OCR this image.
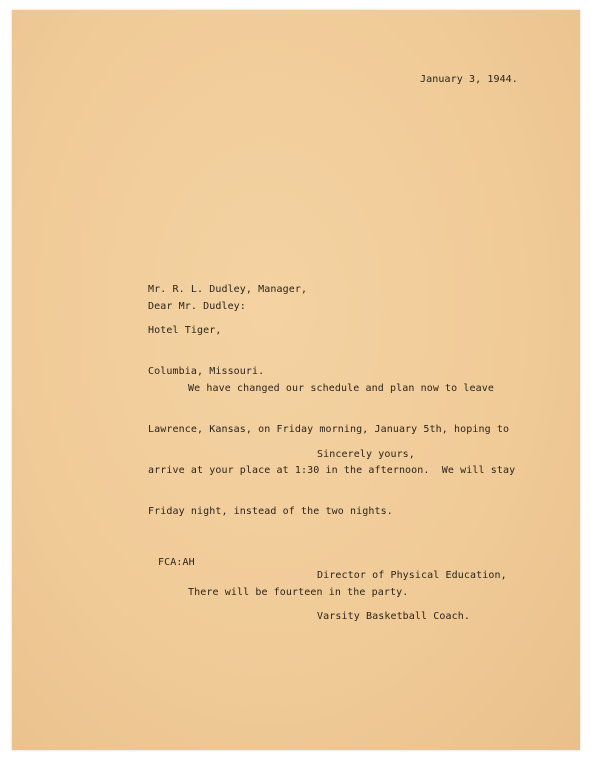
January 3, 1944.

Mr. R. L. Dudley, Manager,

Hotel Tiger,

Columbia, Missouri.

Dear Mr. Dudley:

We have changed our schedule and plan now to leave

Lawrence, Kansas, on Friday morning, January 5th, hoping to

arrive at your place at 1:30 in the afternoon.  We will stay

Friday night, instead of the two nights.

There will be fourteen in the party.

Sincerely yours,

Director of Physical Education,

Varsity Basketball Coach.

FCA:AH
